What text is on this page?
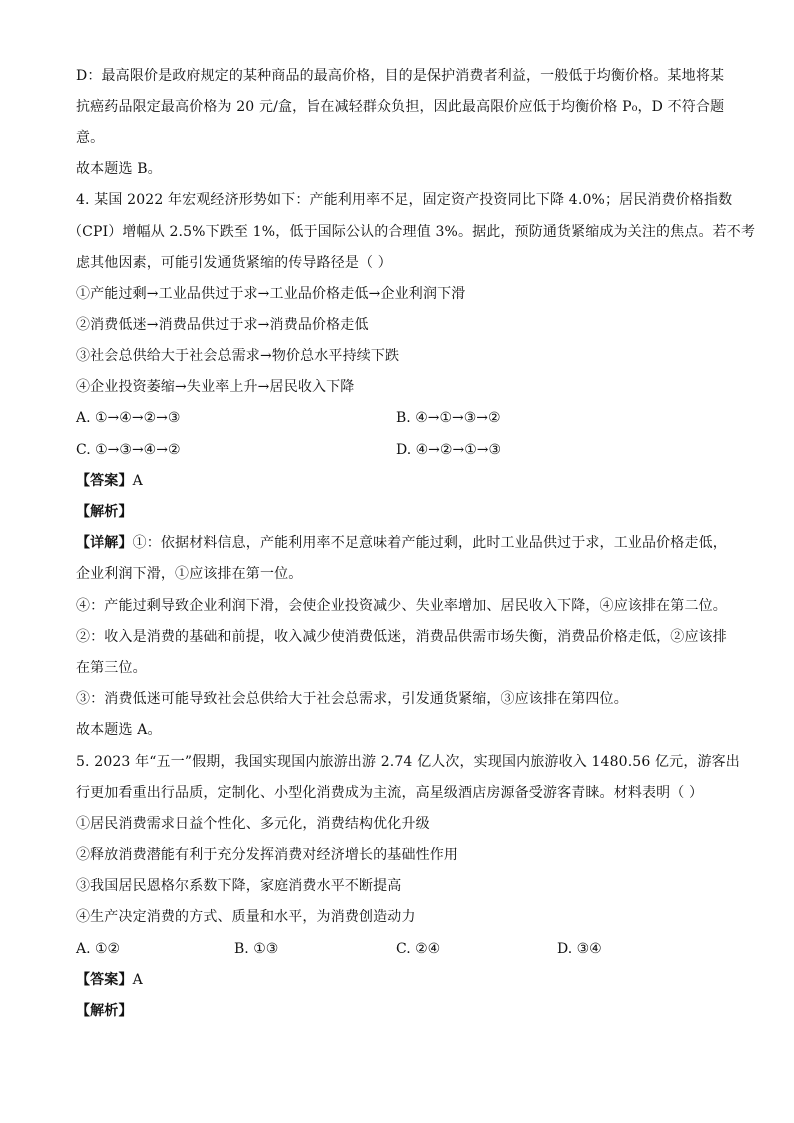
D：最高限价是政府规定的某种商品的最高价格，目的是保护消费者利益，一般低于均衡价格。某地将某
抗癌药品限定最高价格为 20 元/盒，旨在减轻群众负担，因此最高限价应低于均衡价格 P₀，D 不符合题
意。
故本题选 B。
4. 某国 2022 年宏观经济形势如下：产能利用率不足，固定资产投资同比下降 4.0%；居民消费价格指数
（CPI）增幅从 2.5%下跌至 1%，低于国际公认的合理值 3%。据此，预防通货紧缩成为关注的焦点。若不考
虑其他因素，可能引发通货紧缩的传导路径是（ ）
①产能过剩→工业品供过于求→工业品价格走低→企业利润下滑
②消费低迷→消费品供过于求→消费品价格走低
③社会总供给大于社会总需求→物价总水平持续下跌
④企业投资萎缩→失业率上升→居民收入下降
A. ①→④→②→③	B. ④→①→③→②
C. ①→③→④→②	D. ④→②→①→③
【答案】A
【解析】
【详解】①：依据材料信息，产能利用率不足意味着产能过剩，此时工业品供过于求，工业品价格走低，
企业利润下滑，①应该排在第一位。
④：产能过剩导致企业利润下滑，会使企业投资减少、失业率增加、居民收入下降，④应该排在第二位。
②：收入是消费的基础和前提，收入减少使消费低迷，消费品供需市场失衡，消费品价格走低，②应该排
在第三位。
③：消费低迷可能导致社会总供给大于社会总需求，引发通货紧缩，③应该排在第四位。
故本题选 A。
5. 2023 年“五一”假期，我国实现国内旅游出游 2.74 亿人次，实现国内旅游收入 1480.56 亿元，游客出
行更加看重出行品质，定制化、小型化消费成为主流，高星级酒店房源备受游客青睐。材料表明（ ）
①居民消费需求日益个性化、多元化，消费结构优化升级
②释放消费潜能有利于充分发挥消费对经济增长的基础性作用
③我国居民恩格尔系数下降，家庭消费水平不断提高
④生产决定消费的方式、质量和水平，为消费创造动力
A. ①②	B. ①③	C. ②④	D. ③④
【答案】A
【解析】
